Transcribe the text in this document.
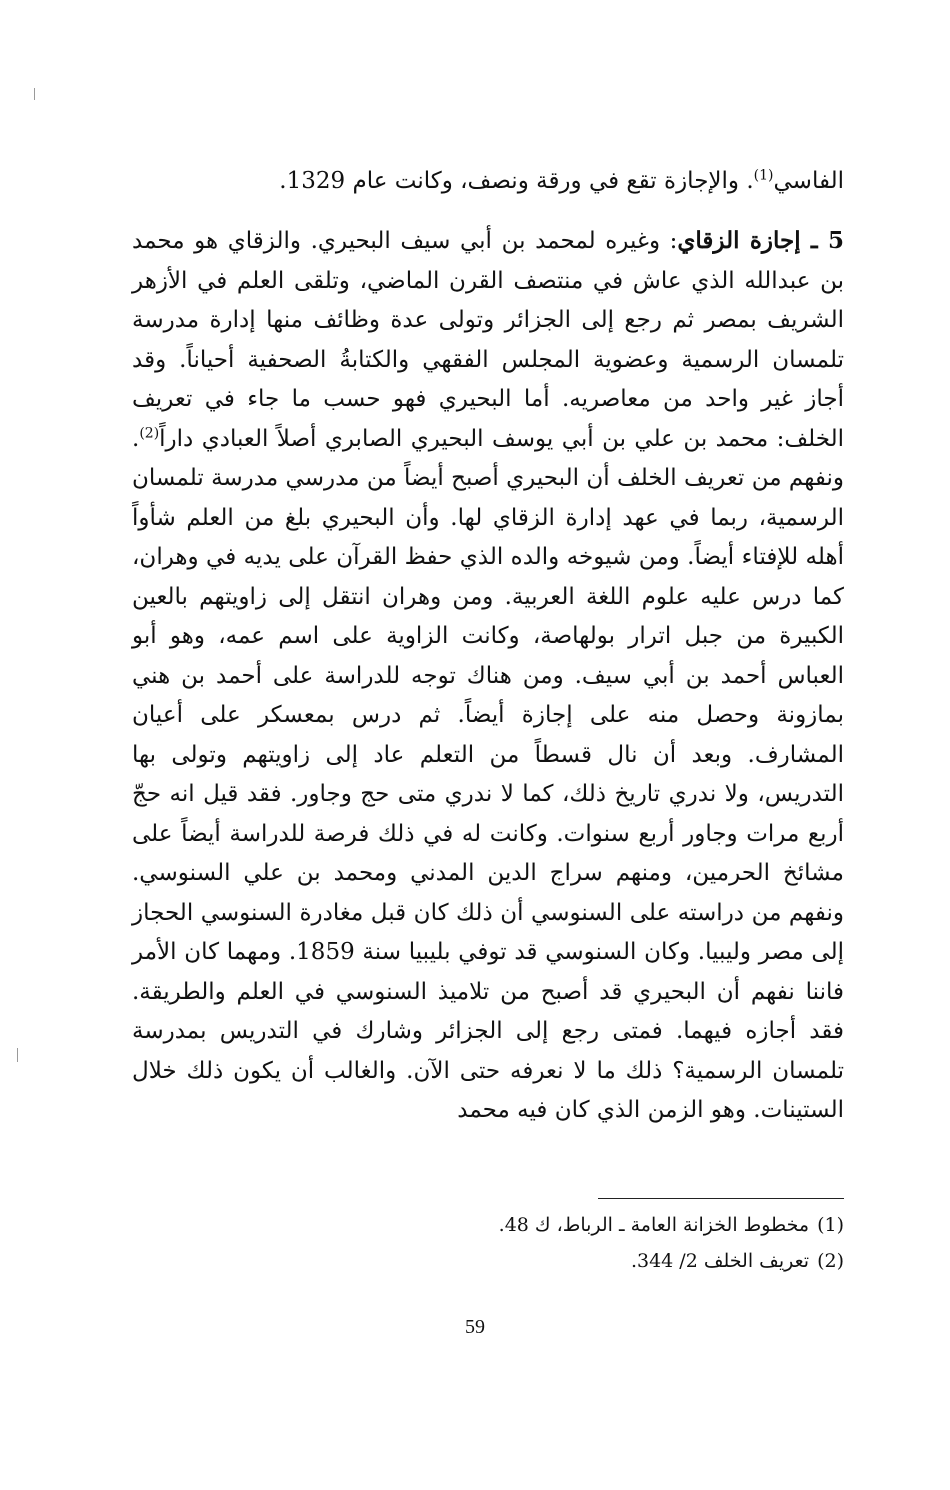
الفاسي$^{(1)}$. والإجازة تقع في ورقة ونصف، وكانت عام 1329.

5 ـ إجازة الزقاي: وغيره لمحمد بن أبي سيف البحيري. والزقاي هو محمد بن عبدالله الذي عاش في منتصف القرن الماضي، وتلقى العلم في الأزهر الشريف بمصر ثم رجع إلى الجزائر وتولى عدة وظائف منها إدارة مدرسة تلمسان الرسمية وعضوية المجلس الفقهي والكتابةُ الصحفية أحياناً. وقد أجاز غير واحد من معاصريه. أما البحيري فهو حسب ما جاء في تعريف الخلف: محمد بن علي بن أبي يوسف البحيري الصابري أصلاً العبادي داراً$^{(2)}$. ونفهم من تعريف الخلف أن البحيري أصبح أيضاً من مدرسي مدرسة تلمسان الرسمية، ربما في عهد إدارة الزقاي لها. وأن البحيري بلغ من العلم شأواً أهله للإفتاء أيضاً. ومن شيوخه والده الذي حفظ القرآن على يديه في وهران، كما درس عليه علوم اللغة العربية. ومن وهران انتقل إلى زاويتهم بالعين الكبيرة من جبل اترار بولهاصة، وكانت الزاوية على اسم عمه، وهو أبو العباس أحمد بن أبي سيف. ومن هناك توجه للدراسة على أحمد بن هني بمازونة وحصل منه على إجازة أيضاً. ثم درس بمعسكر على أعيان المشارف. وبعد أن نال قسطاً من التعلم عاد إلى زاويتهم وتولى بها التدريس، ولا ندري تاريخ ذلك، كما لا ندري متى حج وجاور. فقد قيل انه حجّ أربع مرات وجاور أربع سنوات. وكانت له في ذلك فرصة للدراسة أيضاً على مشائخ الحرمين، ومنهم سراج الدين المدني ومحمد بن علي السنوسي. ونفهم من دراسته على السنوسي أن ذلك كان قبل مغادرة السنوسي الحجاز إلى مصر وليبيا. وكان السنوسي قد توفي بليبيا سنة 1859. ومهما كان الأمر فاننا نفهم أن البحيري قد أصبح من تلاميذ السنوسي في العلم والطريقة. فقد أجازه فيهما. فمتى رجع إلى الجزائر وشارك في التدريس بمدرسة تلمسان الرسمية؟ ذلك ما لا نعرفه حتى الآن. والغالب أن يكون ذلك خلال الستينات. وهو الزمن الذي كان فيه محمد

(1)مخطوط الخزانة العامة ـ الرباط، ك 48.
(2)تعريف الخلف 2/ 344.
59
